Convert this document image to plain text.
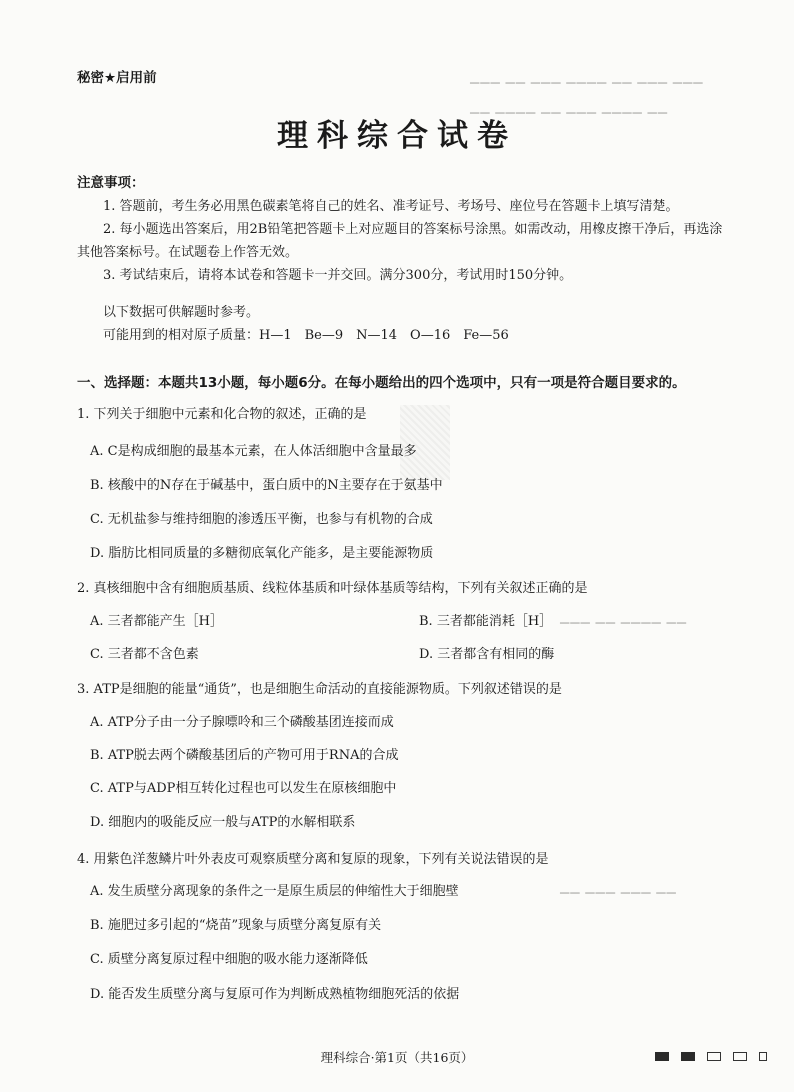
▁▁▁ ▁▁ ▁▁▁ ▁▁▁▁ ▁▁ ▁▁▁ ▁▁▁
▁▁ ▁▁▁▁ ▁▁ ▁▁▁ ▁▁▁▁ ▁▁
▁▁▁ ▁▁ ▁▁▁▁ ▁▁
▁▁ ▁▁▁ ▁▁▁ ▁▁
秘密★启用前
理科综合试卷
注意事项：
1. 答题前，考生务必用黑色碳素笔将自己的姓名、准考证号、考场号、座位号在答题卡上填写清楚。
2. 每小题选出答案后，用2B铅笔把答题卡上对应题目的答案标号涂黑。如需改动，用橡皮擦干净后，再选涂其他答案标号。在试题卷上作答无效。
3. 考试结束后，请将本试卷和答题卡一并交回。满分300分，考试用时150分钟。
以下数据可供解题时参考。
可能用到的相对原子质量：H—1　Be—9　N—14　O—16　Fe—56
一、选择题：本题共13小题，每小题6分。在每小题给出的四个选项中，只有一项是符合题目要求的。
1. 下列关于细胞中元素和化合物的叙述，正确的是
A. C是构成细胞的最基本元素，在人体活细胞中含量最多
B. 核酸中的N存在于碱基中，蛋白质中的N主要存在于氨基中
C. 无机盐参与维持细胞的渗透压平衡，也参与有机物的合成
D. 脂肪比相同质量的多糖彻底氧化产能多，是主要能源物质
2. 真核细胞中含有细胞质基质、线粒体基质和叶绿体基质等结构，下列有关叙述正确的是
A. 三者都能产生［H］	B. 三者都能消耗［H］
C. 三者都不含色素	D. 三者都含有相同的酶
3. ATP是细胞的能量“通货”，也是细胞生命活动的直接能源物质。下列叙述错误的是
A. ATP分子由一分子腺嘌呤和三个磷酸基团连接而成
B. ATP脱去两个磷酸基团后的产物可用于RNA的合成
C. ATP与ADP相互转化过程也可以发生在原核细胞中
D. 细胞内的吸能反应一般与ATP的水解相联系
4. 用紫色洋葱鳞片叶外表皮可观察质壁分离和复原的现象，下列有关说法错误的是
A. 发生质壁分离现象的条件之一是原生质层的伸缩性大于细胞壁
B. 施肥过多引起的“烧苗”现象与质壁分离复原有关
C. 质壁分离复原过程中细胞的吸水能力逐渐降低
D. 能否发生质壁分离与复原可作为判断成熟植物细胞死活的依据
理科综合·第1页（共16页）
